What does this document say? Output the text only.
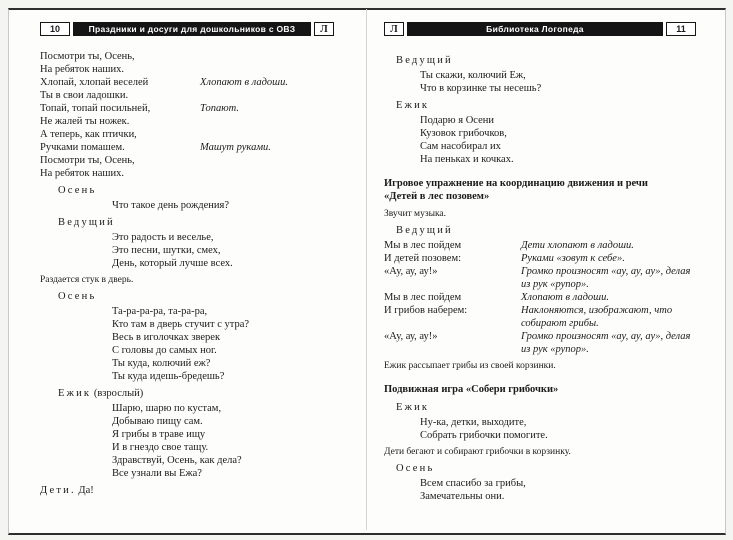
10	Праздники и досуги для дошкольников с ОВЗ	Л	Л	Библиотека Логопеда	11
Посмотри ты, Осень,
На ребяток наших.
Хлопай, хлопай веселей	Хлопают в ладоши.
Ты в свои ладошки.
Топай, топай посильней,	Топают.
Не жалей ты ножек.
А теперь, как птички,
Ручками помашем.	Машут руками.
Посмотри ты, Осень,
На ребяток наших.
Осень
Что такое день рождения?
Ведущий
Это радость и веселье,
Это песни, шутки, смех,
День, который лучше всех.
Раздается стук в дверь.
Осень
Та-ра-ра-ра, та-ра-ра,
Кто там в дверь стучит с утра?
Весь в иголочках зверек
С головы до самых ног.
Ты куда, колючий еж?
Ты куда идешь-бредешь?
Ежик (взрослый)
Шарю, шарю по кустам,
Добываю пищу сам.
Я грибы в траве ищу
И в гнездо свое тащу.
Здравствуй, Осень, как дела?
Все узнали вы Ежа?
Дети. Да!
Ведущий
Ты скажи, колючий Еж,
Что в корзинке ты несешь?
Ежик
Подарю я Осени
Кузовок грибочков,
Сам насобирал их
На пеньках и кочках.
Игровое упражнение на координацию движения и речи
«Детей в лес позовем»
Звучит музыка.
Ведущий
Мы в лес пойдем	Дети хлопают в ладоши.
И детей позовем:	Руками «зовут к себе».
«Ау, ау, ау!»	Громко произносят «ау, ау, ау», делая из рук «рупор».
Мы в лес пойдем	Хлопают в ладоши.
И грибов наберем:	Наклоняются, изображают, что собирают грибы.
«Ау, ау, ау!»	Громко произносят «ау, ау, ау», делая из рук «рупор».
Ежик рассыпает грибы из своей корзинки.
Подвижная игра «Собери грибочки»
Ежик
Ну-ка, детки, выходите,
Собрать грибочки помогите.
Дети бегают и собирают грибочки в корзинку.
Осень
Всем спасибо за грибы,
Замечательны они.
